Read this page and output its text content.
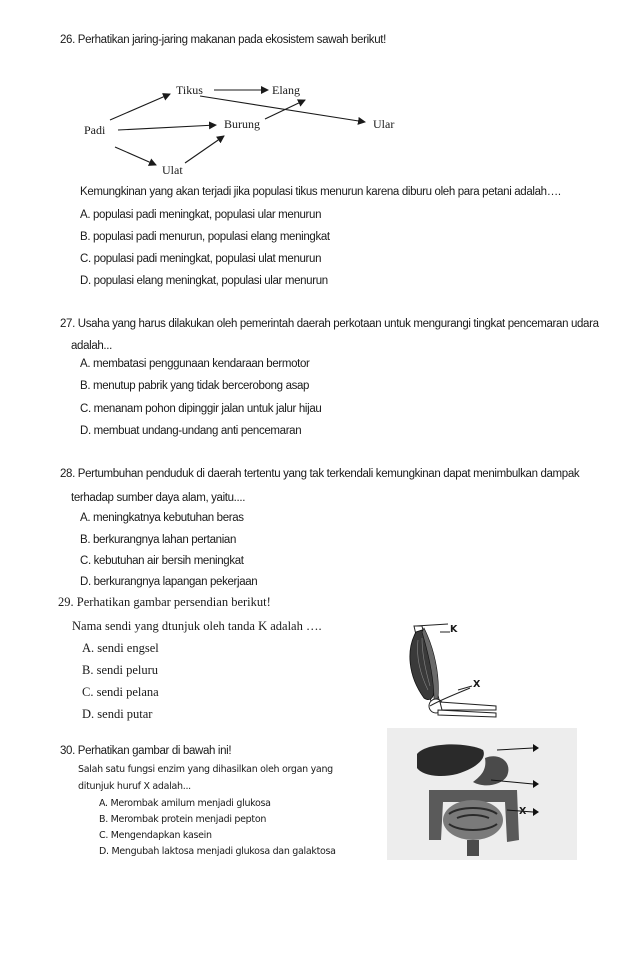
26. Perhatikan jaring-jaring makanan pada ekosistem sawah berikut!
Tikus	Elang
Padi	Burung	Ular
Ulat
Kemungkinan yang akan terjadi jika populasi tikus menurun karena diburu oleh para petani adalah….
A. populasi padi meningkat, populasi ular menurun
B. populasi padi menurun, populasi elang meningkat
C. populasi padi meningkat, populasi ulat menurun
D. populasi elang meningkat, populasi ular menurun
27. Usaha yang harus dilakukan oleh pemerintah daerah perkotaan untuk mengurangi tingkat pencemaran udara
adalah...
A. membatasi penggunaan kendaraan bermotor
B. menutup pabrik yang tidak bercerobong asap
C. menanam pohon dipinggir jalan untuk jalur hijau
D. membuat undang-undang anti pencemaran
28. Pertumbuhan penduduk di daerah tertentu yang tak terkendali kemungkinan dapat menimbulkan dampak
terhadap sumber daya alam, yaitu....
A. meningkatnya kebutuhan beras
B. berkurangnya lahan pertanian
C. kebutuhan air bersih meningkat
D. berkurangnya lapangan pekerjaan
29. Perhatikan gambar persendian berikut!
Nama sendi yang dtunjuk oleh tanda K adalah ….
A. sendi engsel
B. sendi peluru
C. sendi pelana
D. sendi putar
K
X
30. Perhatikan gambar di bawah ini!
Salah satu fungsi enzim yang dihasilkan oleh organ yang
ditunjuk huruf X adalah...
A. Merombak amilum menjadi glukosa
B. Merombak protein menjadi pepton
C. Mengendapkan kasein
D. Mengubah laktosa menjadi glukosa dan galaktosa
X
